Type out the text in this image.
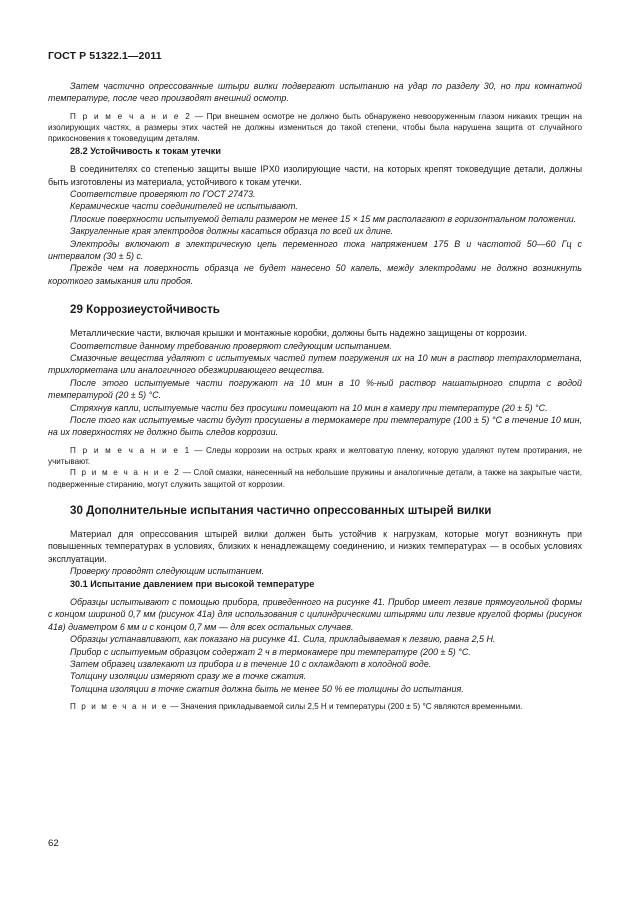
ГОСТ Р 51322.1—2011

Затем частично опрессованные штыри вилки подвергают испытанию на удар по разделу 30, но при комнатной температуре, после чего производят внешний осмотр.

П р и м е ч а н и е 2 — При внешнем осмотре не должно быть обнаружено невооруженным глазом никаких трещин на изолирующих частях, а размеры этих частей не должны измениться до такой степени, чтобы была нарушена защита от случайного прикосновения к токоведущим деталям.

28.2 Устойчивость к токам утечки

В соединителях со степенью защиты выше IPX0 изолирующие части, на которых крепят токоведущие детали, должны быть изготовлены из материала, устойчивого к токам утечки.

Соответствие проверяют по ГОСТ 27473.

Керамические части соединителей не испытывают.

Плоские поверхности испытуемой детали размером не менее 15 × 15 мм располагают в горизонтальном положении.

Закругленные края электродов должны касаться образца по всей их длине.

Электроды включают в электрическую цепь переменного тока напряжением 175 В и частотой 50—60 Гц с интервалом (30 ± 5) с.

Прежде чем на поверхность образца не будет нанесено 50 капель, между электродами не должно возникнуть короткого замыкания или пробоя.

29 Коррозиеустойчивость

Металлические части, включая крышки и монтажные коробки, должны быть надежно защищены от коррозии.

Соответствие данному требованию проверяют следующим испытанием.

Смазочные вещества удаляют с испытуемых частей путем погружения их на 10 мин в раствор тетрахлорметана, трихлорметана или аналогичного обезжиривающего вещества.

После этого испытуемые части погружают на 10 мин в 10 %-ный раствор нашатырного спирта с водой температурой (20 ± 5) °С.

Стряхнув капли, испытуемые части без просушки помещают на 10 мин в камеру при температуре (20 ± 5) °С.

После того как испытуемые части будут просушены в термокамере при температуре (100 ± 5) °С в течение 10 мин, на их поверхностях не должно быть следов коррозии.

П р и м е ч а н и е 1 — Следы коррозии на острых краях и желтоватую пленку, которую удаляют путем протирания, не учитывают.

П р и м е ч а н и е 2 — Слой смазки, нанесенный на небольшие пружины и аналогичные детали, а также на закрытые части, подверженные стиранию, могут служить защитой от коррозии.

30 Дополнительные испытания частично опрессованных штырей вилки

Материал для опрессования штырей вилки должен быть устойчив к нагрузкам, которые могут возникнуть при повышенных температурах в условиях, близких к ненадлежащему соединению, и низких температурах — в особых условиях эксплуатации.

Проверку проводят следующим испытанием.

30.1 Испытание давлением при высокой температуре

Образцы испытывают с помощью прибора, приведенного на рисунке 41. Прибор имеет лезвие прямоугольной формы с концом шириной 0,7 мм (рисунок 41а) для использования с цилиндрическими штырями или лезвие круглой формы (рисунок 41в) диаметром 6 мм и с концом 0,7 мм — для всех остальных случаев.

Образцы устанавливают, как показано на рисунке 41. Сила, прикладываемая к лезвию, равна 2,5 Н.

Прибор с испытуемым образцом содержат 2 ч в термокамере при температуре (200 ± 5) °С.

Затем образец извлекают из прибора и в течение 10 с охлаждают в холодной воде.

Толщину изоляции измеряют сразу же в точке сжатия.

Толщина изоляции в точке сжатия должна быть не менее 50 % ее толщины до испытания.

П р и м е ч а н и е — Значения прикладываемой силы 2,5 Н и температуры (200 ± 5) °С являются временными.

62
